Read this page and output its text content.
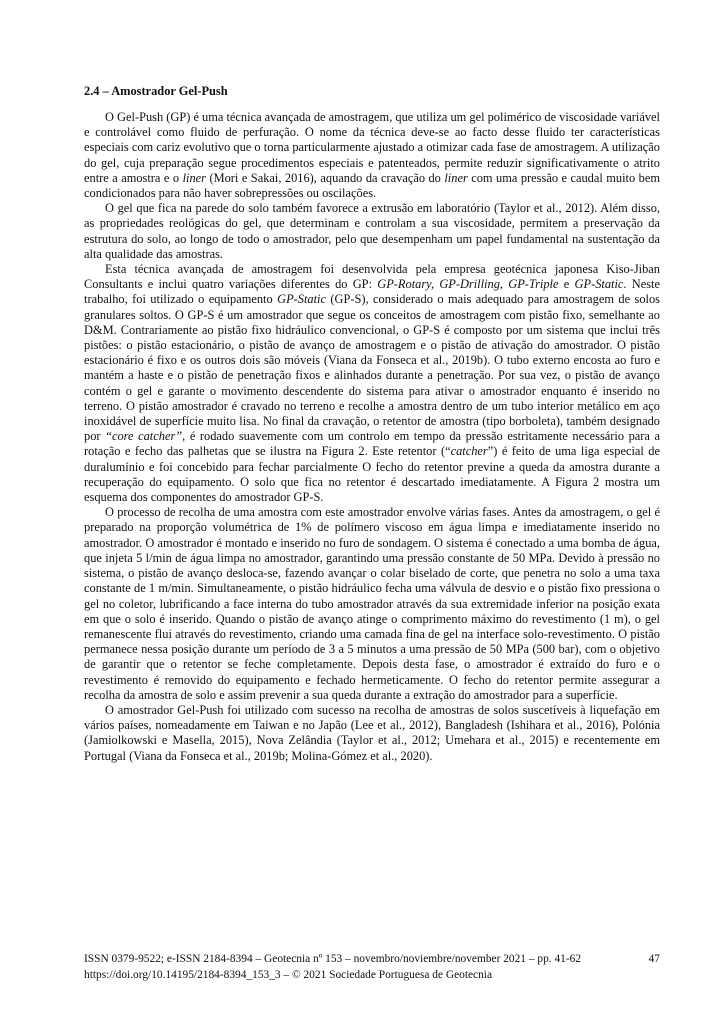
2.4 – Amostrador Gel-Push

O Gel-Push (GP) é uma técnica avançada de amostragem, que utiliza um gel polimérico de viscosidade variável e controlável como fluido de perfuração. O nome da técnica deve-se ao facto desse fluido ter características especiais com cariz evolutivo que o torna particularmente ajustado a otimizar cada fase de amostragem. A utilização do gel, cuja preparação segue procedimentos especiais e patenteados, permite reduzir significativamente o atrito entre a amostra e o liner (Mori e Sakai, 2016), aquando da cravação do liner com uma pressão e caudal muito bem condicionados para não haver sobrepressões ou oscilações.

O gel que fica na parede do solo também favorece a extrusão em laboratório (Taylor et al., 2012). Além disso, as propriedades reológicas do gel, que determinam e controlam a sua viscosidade, permitem a preservação da estrutura do solo, ao longo de todo o amostrador, pelo que desempenham um papel fundamental na sustentação da alta qualidade das amostras.

Esta técnica avançada de amostragem foi desenvolvida pela empresa geotécnica japonesa Kiso-Jiban Consultants e inclui quatro variações diferentes do GP: GP-Rotary, GP-Drilling, GP-Triple e GP-Static. Neste trabalho, foi utilizado o equipamento GP-Static (GP-S), considerado o mais adequado para amostragem de solos granulares soltos. O GP-S é um amostrador que segue os conceitos de amostragem com pistão fixo, semelhante ao D&M. Contrariamente ao pistão fixo hidráulico convencional, o GP-S é composto por um sistema que inclui três pistões: o pistão estacionário, o pistão de avanço de amostragem e o pistão de ativação do amostrador. O pistão estacionário é fixo e os outros dois são móveis (Viana da Fonseca et al., 2019b). O tubo externo encosta ao furo e mantém a haste e o pistão de penetração fixos e alinhados durante a penetração. Por sua vez, o pistão de avanço contém o gel e garante o movimento descendente do sistema para ativar o amostrador enquanto é inserido no terreno. O pistão amostrador é cravado no terreno e recolhe a amostra dentro de um tubo interior metálico em aço inoxidável de superfície muito lisa. No final da cravação, o retentor de amostra (tipo borboleta), também designado por “core catcher”, é rodado suavemente com um controlo em tempo da pressão estritamente necessário para a rotação e fecho das palhetas que se ilustra na Figura 2. Este retentor (“catcher”) é feito de uma liga especial de duralumínio e foi concebido para fechar parcialmente O fecho do retentor previne a queda da amostra durante a recuperação do equipamento. O solo que fica no retentor é descartado imediatamente. A Figura 2 mostra um esquema dos componentes do amostrador GP-S.

O processo de recolha de uma amostra com este amostrador envolve várias fases. Antes da amostragem, o gel é preparado na proporção volumétrica de 1% de polímero viscoso em água limpa e imediatamente inserido no amostrador. O amostrador é montado e inserido no furo de sondagem. O sistema é conectado a uma bomba de água, que injeta 5 l/min de água limpa no amostrador, garantindo uma pressão constante de 50 MPa. Devido à pressão no sistema, o pistão de avanço desloca-se, fazendo avançar o colar biselado de corte, que penetra no solo a uma taxa constante de 1 m/min. Simultaneamente, o pistão hidráulico fecha uma válvula de desvio e o pistão fixo pressiona o gel no coletor, lubrificando a face interna do tubo amostrador através da sua extremidade inferior na posição exata em que o solo é inserido. Quando o pistão de avanço atinge o comprimento máximo do revestimento (1 m), o gel remanescente flui através do revestimento, criando uma camada fina de gel na interface solo-revestimento. O pistão permanece nessa posição durante um período de 3 a 5 minutos a uma pressão de 50 MPa (500 bar), com o objetivo de garantir que o retentor se feche completamente. Depois desta fase, o amostrador é extraído do furo e o revestimento é removido do equipamento e fechado hermeticamente. O fecho do retentor permite assegurar a recolha da amostra de solo e assim prevenir a sua queda durante a extração do amostrador para a superfície.

O amostrador Gel-Push foi utilizado com sucesso na recolha de amostras de solos suscetíveis à liquefação em vários países, nomeadamente em Taiwan e no Japão (Lee et al., 2012), Bangladesh (Ishihara et al., 2016), Polónia (Jamiolkowski e Masella, 2015), Nova Zelândia (Taylor et al., 2012; Umehara et al., 2015) e recentemente em Portugal (Viana da Fonseca et al., 2019b; Molina-Gómez et al., 2020).

ISSN 0379-9522; e-ISSN 2184-8394 – Geotecnia nº 153 – novembro/noviembre/november 2021 – pp. 41-62	47
https://doi.org/10.14195/2184-8394_153_3 – © 2021 Sociedade Portuguesa de Geotecnia
